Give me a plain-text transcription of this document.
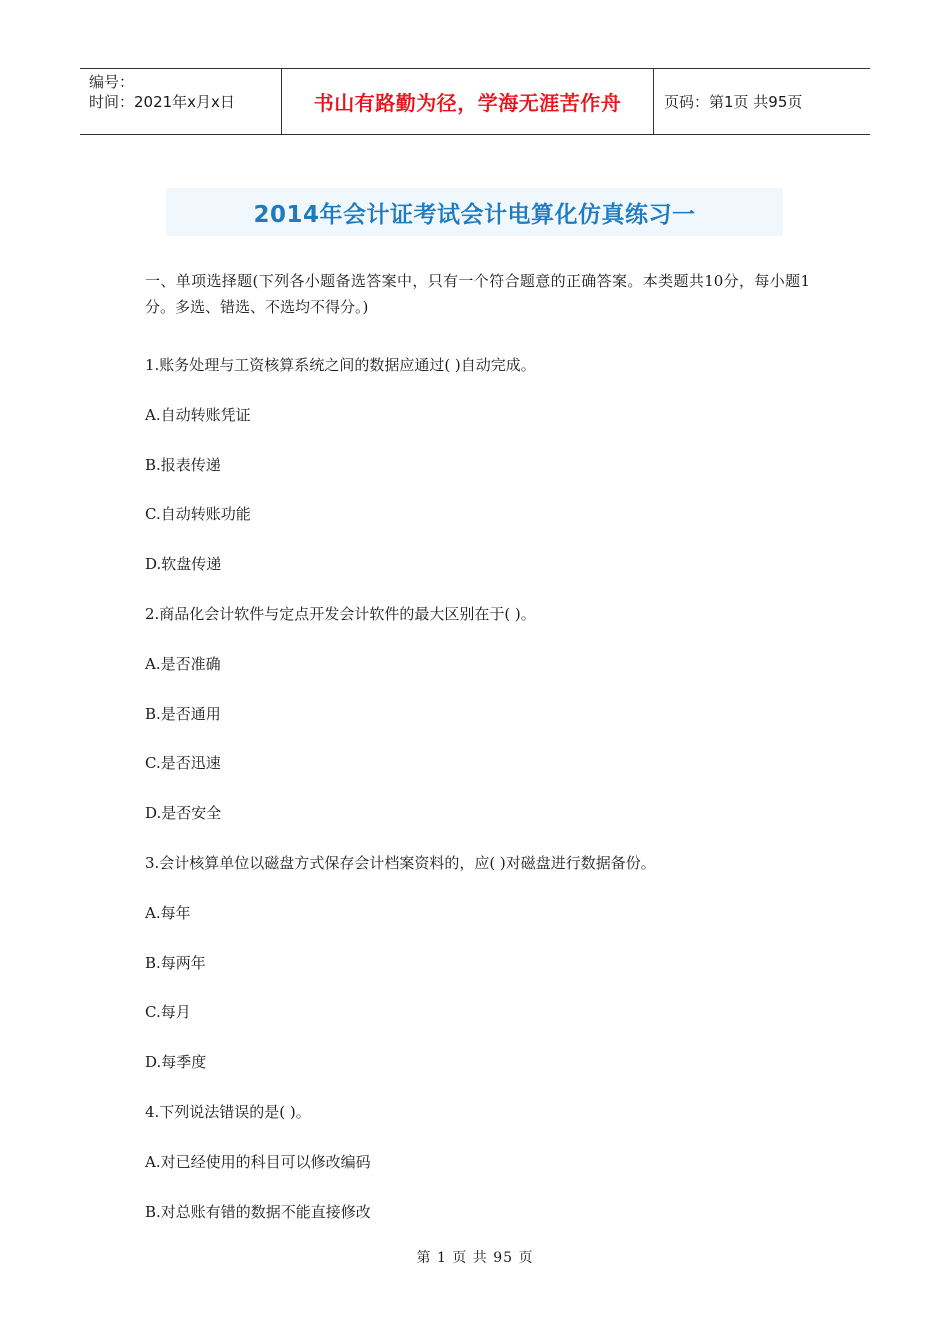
编号：
时间：2021年x月x日	书山有路勤为径，学海无涯苦作舟	页码：第1页 共95页
2014年会计证考试会计电算化仿真练习一

一、单项选择题(下列各小题备选答案中，只有一个符合题意的正确答案。本类题共10分，每小题1分。多选、错选、不选均不得分。)

1.账务处理与工资核算系统之间的数据应通过( )自动完成。

A.自动转账凭证

B.报表传递

C.自动转账功能

D.软盘传递

2.商品化会计软件与定点开发会计软件的最大区别在于( )。

A.是否准确

B.是否通用

C.是否迅速

D.是否安全

3.会计核算单位以磁盘方式保存会计档案资料的，应( )对磁盘进行数据备份。

A.每年

B.每两年

C.每月

D.每季度

4.下列说法错误的是( )。

A.对已经使用的科目可以修改编码

B.对总账有错的数据不能直接修改

第 1 页 共 95 页
